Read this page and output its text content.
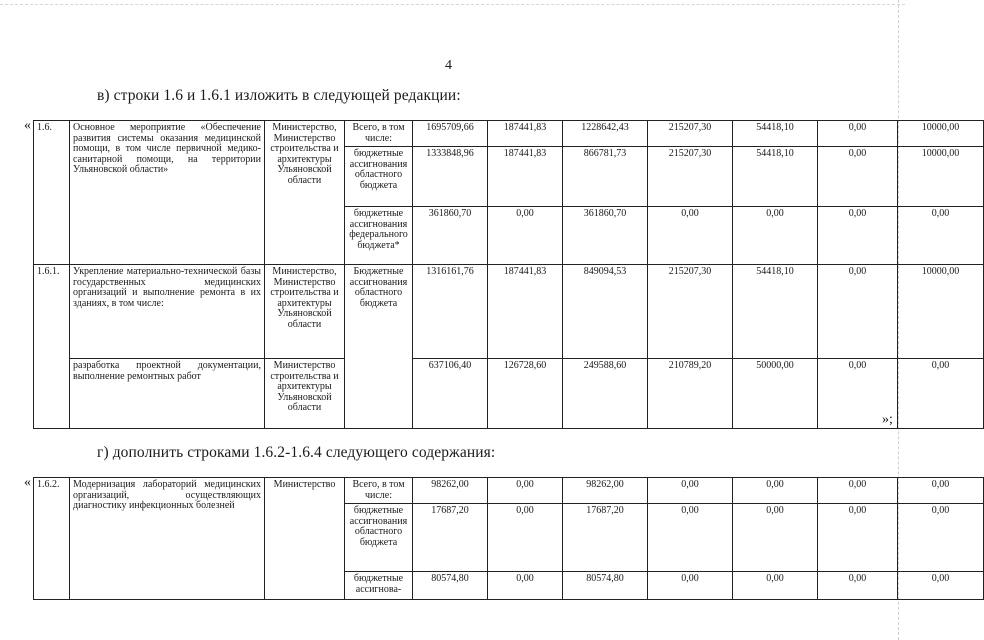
4
в) строки 1.6 и 1.6.1 изложить в следующей редакции:
« 1.6.	Основное мероприятие «Обеспечение развития системы оказания медицинской помощи, в том числе первичной медико-санитарной помощи, на территории Ульяновской области»	Министерство, Министерство строительства и архитектуры Ульяновской области	Всего, в том числе:	1695709,66	187441,83	1228642,43	215207,30	54418,10	0,00	10000,00
			бюджетные ассигнования областного бюджета	1333848,96	187441,83	866781,73	215207,30	54418,10	0,00	10000,00
			бюджетные ассигнования федерального бюджета*	361860,70	0,00	361860,70	0,00	0,00	0,00	0,00
1.6.1.	Укрепление материально-технической базы государственных медицинских организаций и выполнение ремонта в их зданиях, в том числе:	Министерство, Министерство строительства и архитектуры Ульяновской области	Бюджетные ассигнования областного бюджета	1316161,76	187441,83	849094,53	215207,30	54418,10	0,00	10000,00
	разработка проектной документации, выполнение ремонтных работ	Министерство строительства и архитектуры Ульяновской области		637106,40	126728,60	249588,60	210789,20	50000,00	0,00	0,00
»;
г) дополнить строками 1.6.2-1.6.4 следующего содержания:
« 1.6.2.	Модернизация лабораторий медицинских организаций, осуществляющих диагностику инфекционных болезней	Министерство	Всего, в том числе:	98262,00	0,00	98262,00	0,00	0,00	0,00	0,00
			бюджетные ассигнования областного бюджета	17687,20	0,00	17687,20	0,00	0,00	0,00	0,00
			бюджетные ассигнова-	80574,80	0,00	80574,80	0,00	0,00	0,00	0,00
